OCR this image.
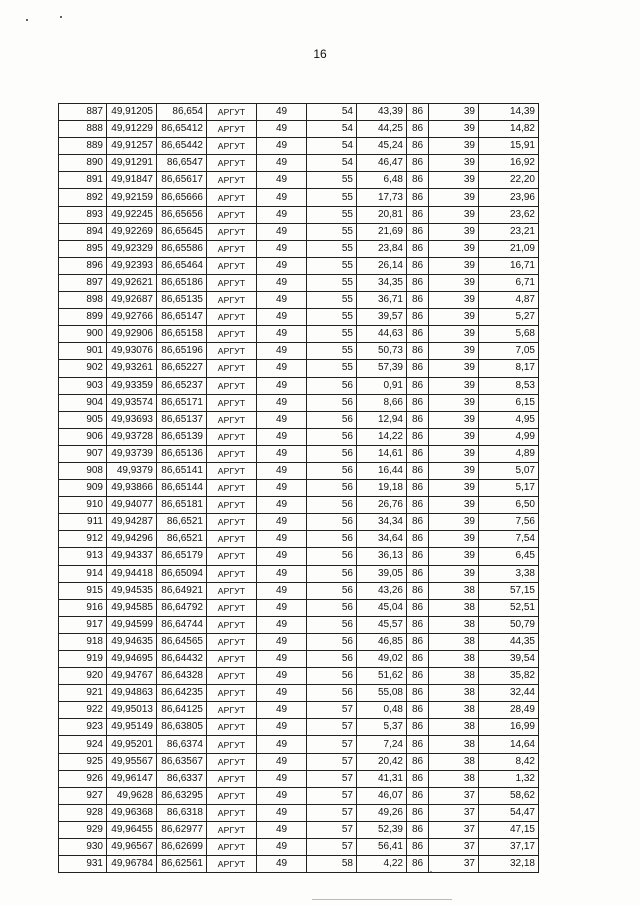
16
887	49,91205	86,654	АРГУТ	49	54	43,39	86	39	14,39
888	49,91229	86,65412	АРГУТ	49	54	44,25	86	39	14,82
889	49,91257	86,65442	АРГУТ	49	54	45,24	86	39	15,91
890	49,91291	86,6547	АРГУТ	49	54	46,47	86	39	16,92
891	49,91847	86,65617	АРГУТ	49	55	6,48	86	39	22,20
892	49,92159	86,65666	АРГУТ	49	55	17,73	86	39	23,96
893	49,92245	86,65656	АРГУТ	49	55	20,81	86	39	23,62
894	49,92269	86,65645	АРГУТ	49	55	21,69	86	39	23,21
895	49,92329	86,65586	АРГУТ	49	55	23,84	86	39	21,09
896	49,92393	86,65464	АРГУТ	49	55	26,14	86	39	16,71
897	49,92621	86,65186	АРГУТ	49	55	34,35	86	39	6,71
898	49,92687	86,65135	АРГУТ	49	55	36,71	86	39	4,87
899	49,92766	86,65147	АРГУТ	49	55	39,57	86	39	5,27
900	49,92906	86,65158	АРГУТ	49	55	44,63	86	39	5,68
901	49,93076	86,65196	АРГУТ	49	55	50,73	86	39	7,05
902	49,93261	86,65227	АРГУТ	49	55	57,39	86	39	8,17
903	49,93359	86,65237	АРГУТ	49	56	0,91	86	39	8,53
904	49,93574	86,65171	АРГУТ	49	56	8,66	86	39	6,15
905	49,93693	86,65137	АРГУТ	49	56	12,94	86	39	4,95
906	49,93728	86,65139	АРГУТ	49	56	14,22	86	39	4,99
907	49,93739	86,65136	АРГУТ	49	56	14,61	86	39	4,89
908	49,9379	86,65141	АРГУТ	49	56	16,44	86	39	5,07
909	49,93866	86,65144	АРГУТ	49	56	19,18	86	39	5,17
910	49,94077	86,65181	АРГУТ	49	56	26,76	86	39	6,50
911	49,94287	86,6521	АРГУТ	49	56	34,34	86	39	7,56
912	49,94296	86,6521	АРГУТ	49	56	34,64	86	39	7,54
913	49,94337	86,65179	АРГУТ	49	56	36,13	86	39	6,45
914	49,94418	86,65094	АРГУТ	49	56	39,05	86	39	3,38
915	49,94535	86,64921	АРГУТ	49	56	43,26	86	38	57,15
916	49,94585	86,64792	АРГУТ	49	56	45,04	86	38	52,51
917	49,94599	86,64744	АРГУТ	49	56	45,57	86	38	50,79
918	49,94635	86,64565	АРГУТ	49	56	46,85	86	38	44,35
919	49,94695	86,64432	АРГУТ	49	56	49,02	86	38	39,54
920	49,94767	86,64328	АРГУТ	49	56	51,62	86	38	35,82
921	49,94863	86,64235	АРГУТ	49	56	55,08	86	38	32,44
922	49,95013	86,64125	АРГУТ	49	57	0,48	86	38	28,49
923	49,95149	86,63805	АРГУТ	49	57	5,37	86	38	16,99
924	49,95201	86,6374	АРГУТ	49	57	7,24	86	38	14,64
925	49,95567	86,63567	АРГУТ	49	57	20,42	86	38	8,42
926	49,96147	86,6337	АРГУТ	49	57	41,31	86	38	1,32
927	49,9628	86,63295	АРГУТ	49	57	46,07	86	37	58,62
928	49,96368	86,6318	АРГУТ	49	57	49,26	86	37	54,47
929	49,96455	86,62977	АРГУТ	49	57	52,39	86	37	47,15
930	49,96567	86,62699	АРГУТ	49	57	56,41	86	37	37,17
931	49,96784	86,62561	АРГУТ	49	58	4,22	86	37	32,18
